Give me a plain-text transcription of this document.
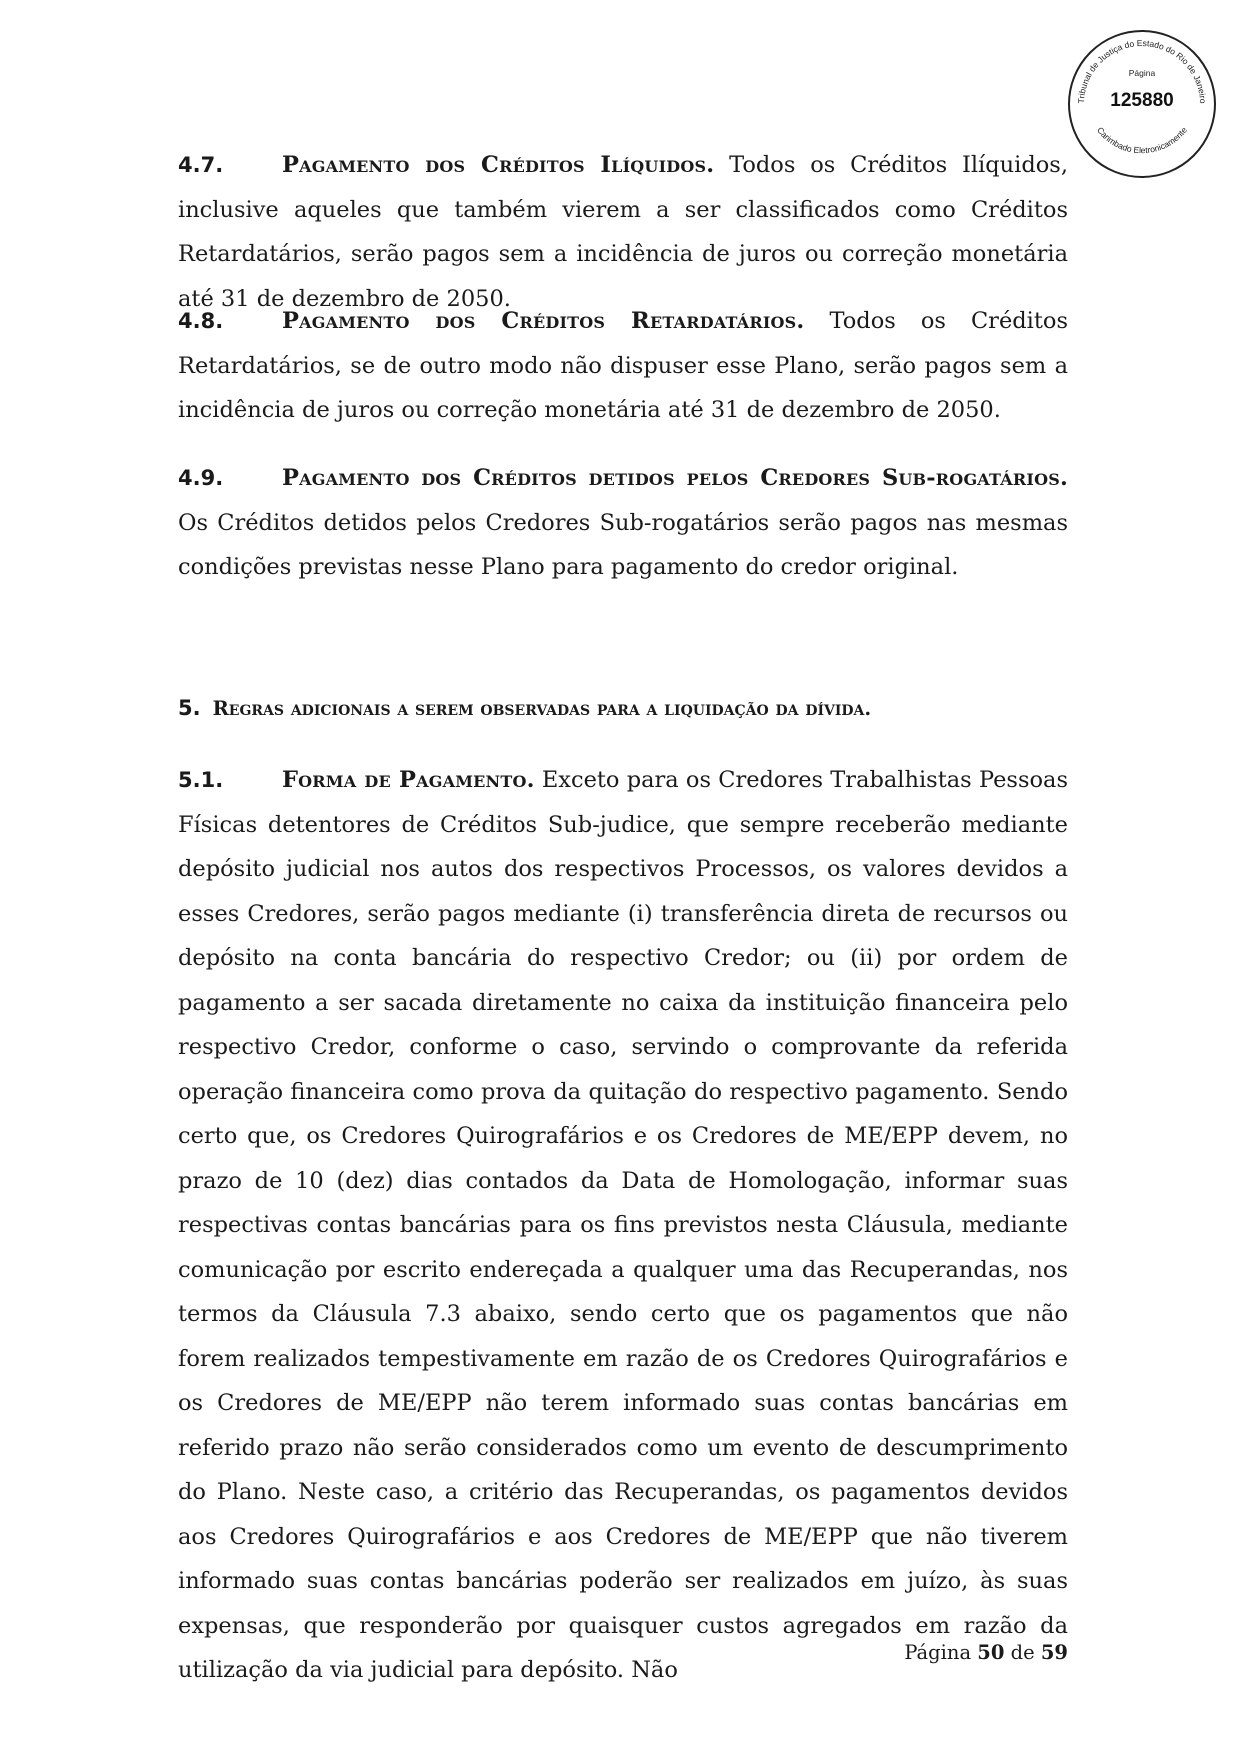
Tribunal de Justiça do Estado do Rio de Janeiro
Carimbado Eletronicamente
Página
125880
4.7.	Pagamento dos Créditos Ilíquidos. Todos os Créditos Ilíquidos, inclusive aqueles que também vierem a ser classificados como Créditos Retardatários, serão pagos sem a incidência de juros ou correção monetária até 31 de dezembro de 2050.
4.8.	Pagamento dos Créditos Retardatários. Todos os Créditos Retardatários, se de outro modo não dispuser esse Plano, serão pagos sem a incidência de juros ou correção monetária até 31 de dezembro de 2050.
4.9.	Pagamento dos Créditos detidos pelos Credores Sub-rogatários. Os Créditos detidos pelos Credores Sub-rogatários serão pagos nas mesmas condições previstas nesse Plano para pagamento do credor original.
5. Regras adicionais a serem observadas para a liquidação da dívida.
5.1.	Forma de Pagamento. Exceto para os Credores Trabalhistas Pessoas Físicas detentores de Créditos Sub-judice, que sempre receberão mediante depósito judicial nos autos dos respectivos Processos, os valores devidos a esses Credores, serão pagos mediante (i) transferência direta de recursos ou depósito na conta bancária do respectivo Credor; ou (ii) por ordem de pagamento a ser sacada diretamente no caixa da instituição financeira pelo respectivo Credor, conforme o caso, servindo o comprovante da referida operação financeira como prova da quitação do respectivo pagamento. Sendo certo que, os Credores Quirografários e os Credores de ME/EPP devem, no prazo de 10 (dez) dias contados da Data de Homologação, informar suas respectivas contas bancárias para os fins previstos nesta Cláusula, mediante comunicação por escrito endereçada a qualquer uma das Recuperandas, nos termos da Cláusula 7.3 abaixo, sendo certo que os pagamentos que não forem realizados tempestivamente em razão de os Credores Quirografários e os Credores de ME/EPP não terem informado suas contas bancárias em referido prazo não serão considerados como um evento de descumprimento do Plano. Neste caso, a critério das Recuperandas, os pagamentos devidos aos Credores Quirografários e aos Credores de ME/EPP que não tiverem informado suas contas bancárias poderão ser realizados em juízo, às suas expensas, que responderão por quaisquer custos agregados em razão da utilização da via judicial para depósito. Não
Página 50 de 59
